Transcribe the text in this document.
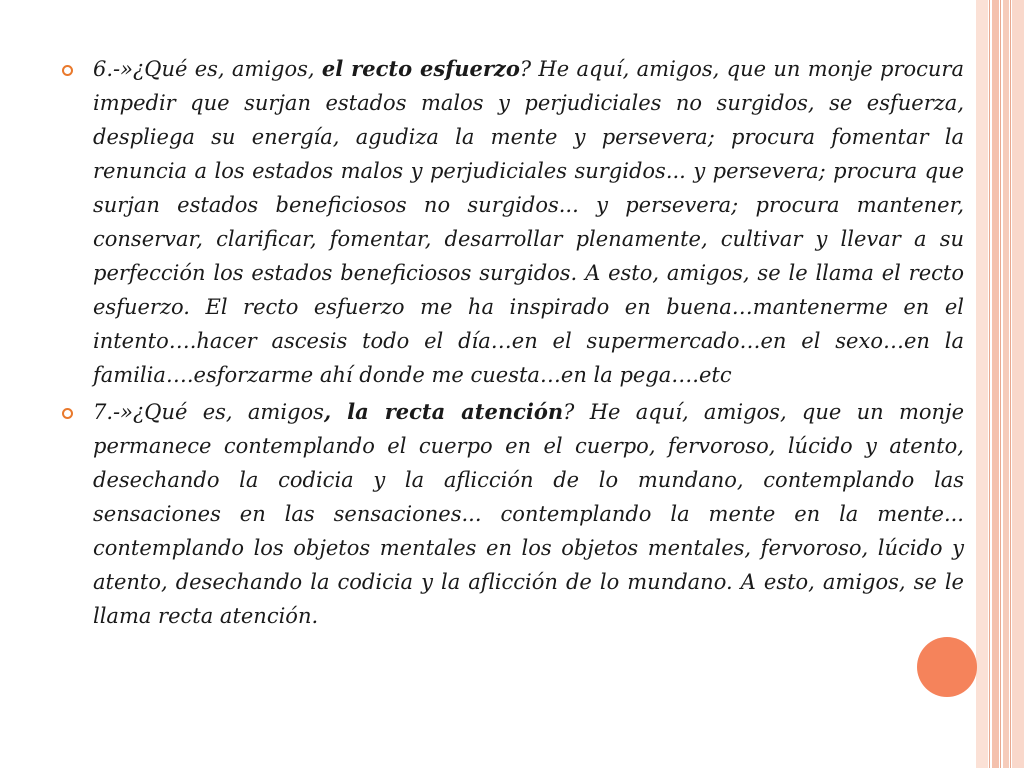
6.-»¿Qué es, amigos, el recto esfuerzo? He aquí, amigos, que un monje procura impedir que surjan estados malos y perjudiciales no surgidos, se esfuerza, despliega su energía, agudiza la mente y persevera; procura fomentar la renuncia a los estados malos y perjudiciales surgidos... y persevera; procura que surjan estados beneficiosos no surgidos... y persevera; procura mantener, conservar, clarificar, fomentar, desarrollar plenamente, cultivar y llevar a su perfección los estados beneficiosos surgidos. A esto, amigos, se le llama el recto esfuerzo. El recto esfuerzo me ha inspirado en buena…mantenerme en el intento….hacer ascesis todo el día…en el supermercado…en el sexo…en la familia….esforzarme ahí donde me cuesta…en la pega….etc

7.-»¿Qué es, amigos, la recta atención? He aquí, amigos, que un monje permanece contemplando el cuerpo en el cuerpo, fervoroso, lúcido y atento, desechando la codicia y la aflicción de lo mundano, contemplando las sensaciones en las sensaciones... contemplando la mente en la mente... contemplando los objetos mentales en los objetos mentales, fervoroso, lúcido y atento, desechando la codicia y la aflicción de lo mundano. A esto, amigos, se le llama recta atención.
